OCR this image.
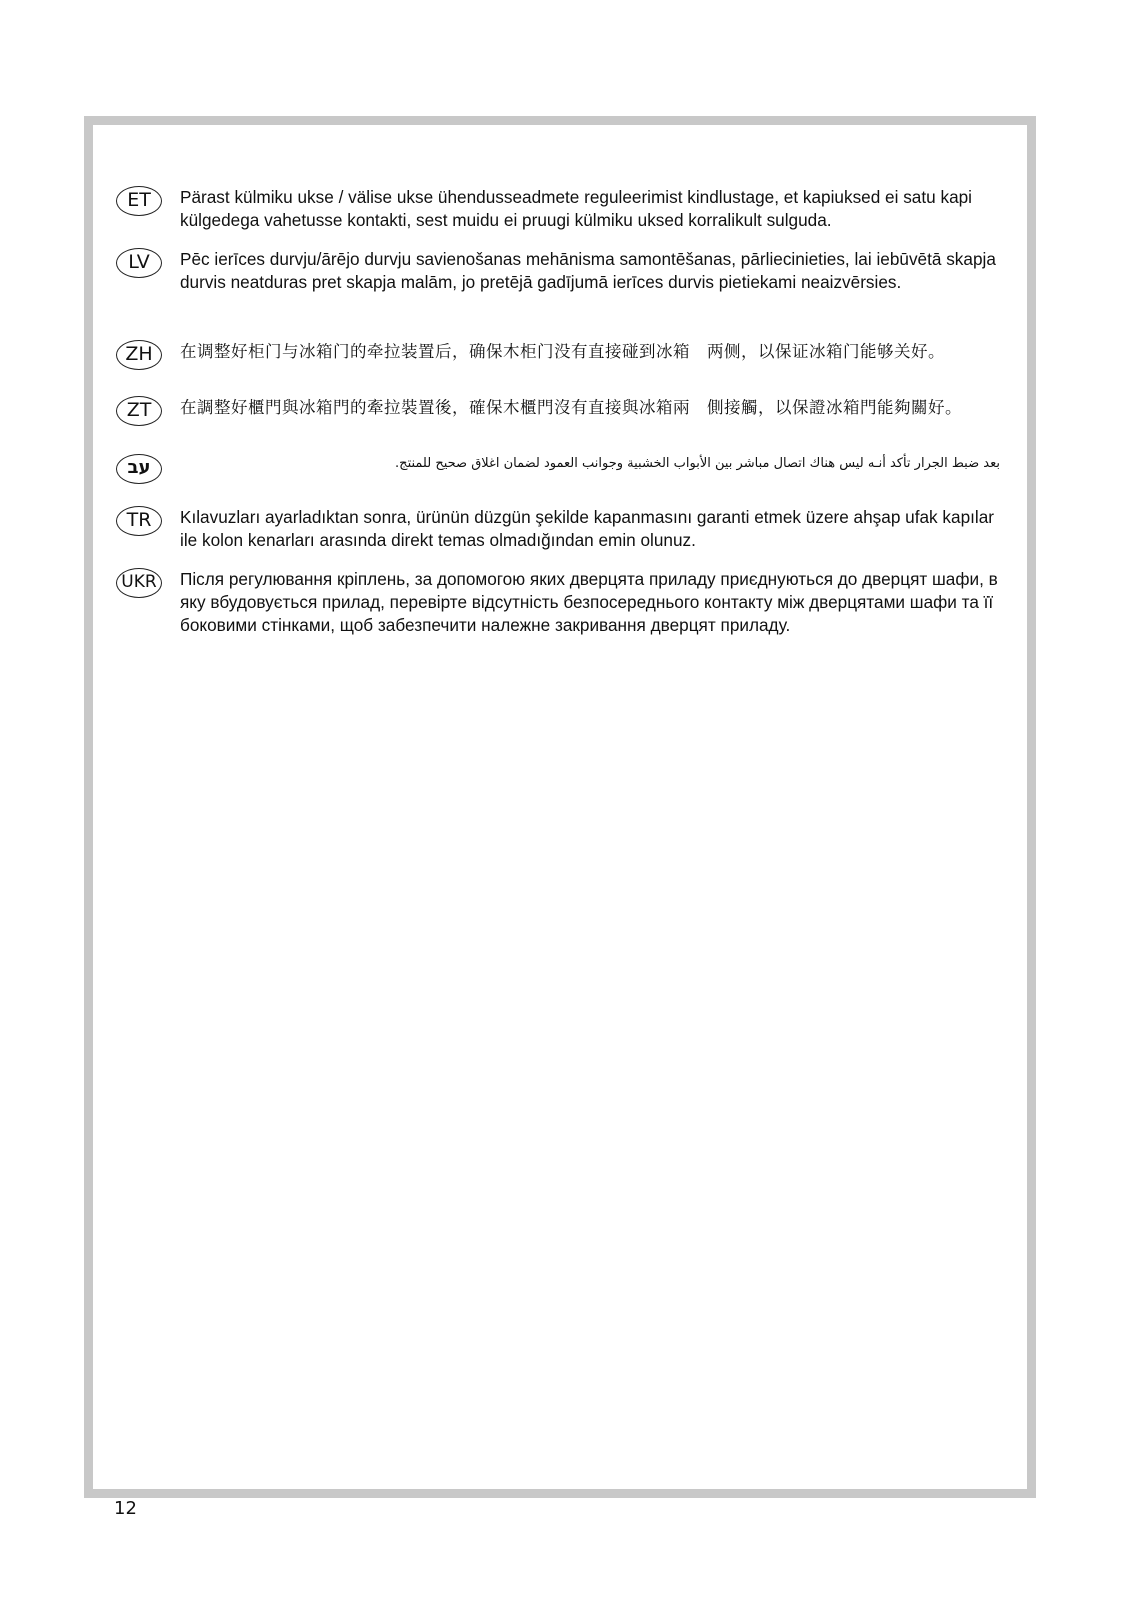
ET	Pärast külmiku ukse / välise ukse ühendusseadmete reguleerimist kindlustage, et kapiuksed ei satu kapi külgedega vahetusse kontakti, sest muidu ei pruugi külmiku uksed korralikult sulguda.
LV	Pēc ierīces durvju/ārējo durvju savienošanas mehānisma samontēšanas, pārliecinieties, lai iebūvētā skapja durvis neatduras pret skapja malām, jo pretējā gadījumā ierīces durvis pietiekami neaizvērsies.
ZH	在调整好柜门与冰箱门的牵拉装置后，确保木柜门没有直接碰到冰箱　两侧，以保证冰箱门能够关好。
ZT	在調整好櫃門與冰箱門的牽拉裝置後，確保木櫃門沒有直接與冰箱兩　側接觸，以保證冰箱門能夠關好。
עב	بعد ضبط الجرار تأكد أنـه ليس هناك اتصال مباشر بين الأبواب الخشبية وجوانب العمود لضمان اغلاق صحيح للمنتج.
TR	Kılavuzları ayarladıktan sonra, ürünün düzgün şekilde kapanmasını garanti etmek üzere ahşap ufak kapılar ile kolon kenarları arasında direkt temas olmadığından emin olunuz.
UKR	Після регулювання кріплень, за допомогою яких дверцята приладу приєднуються до дверцят шафи, в яку вбудовується прилад, перевірте відсутність безпосереднього контакту між дверцятами шафи та її боковими стінками, щоб забезпечити належне закривання дверцят приладу.
12
